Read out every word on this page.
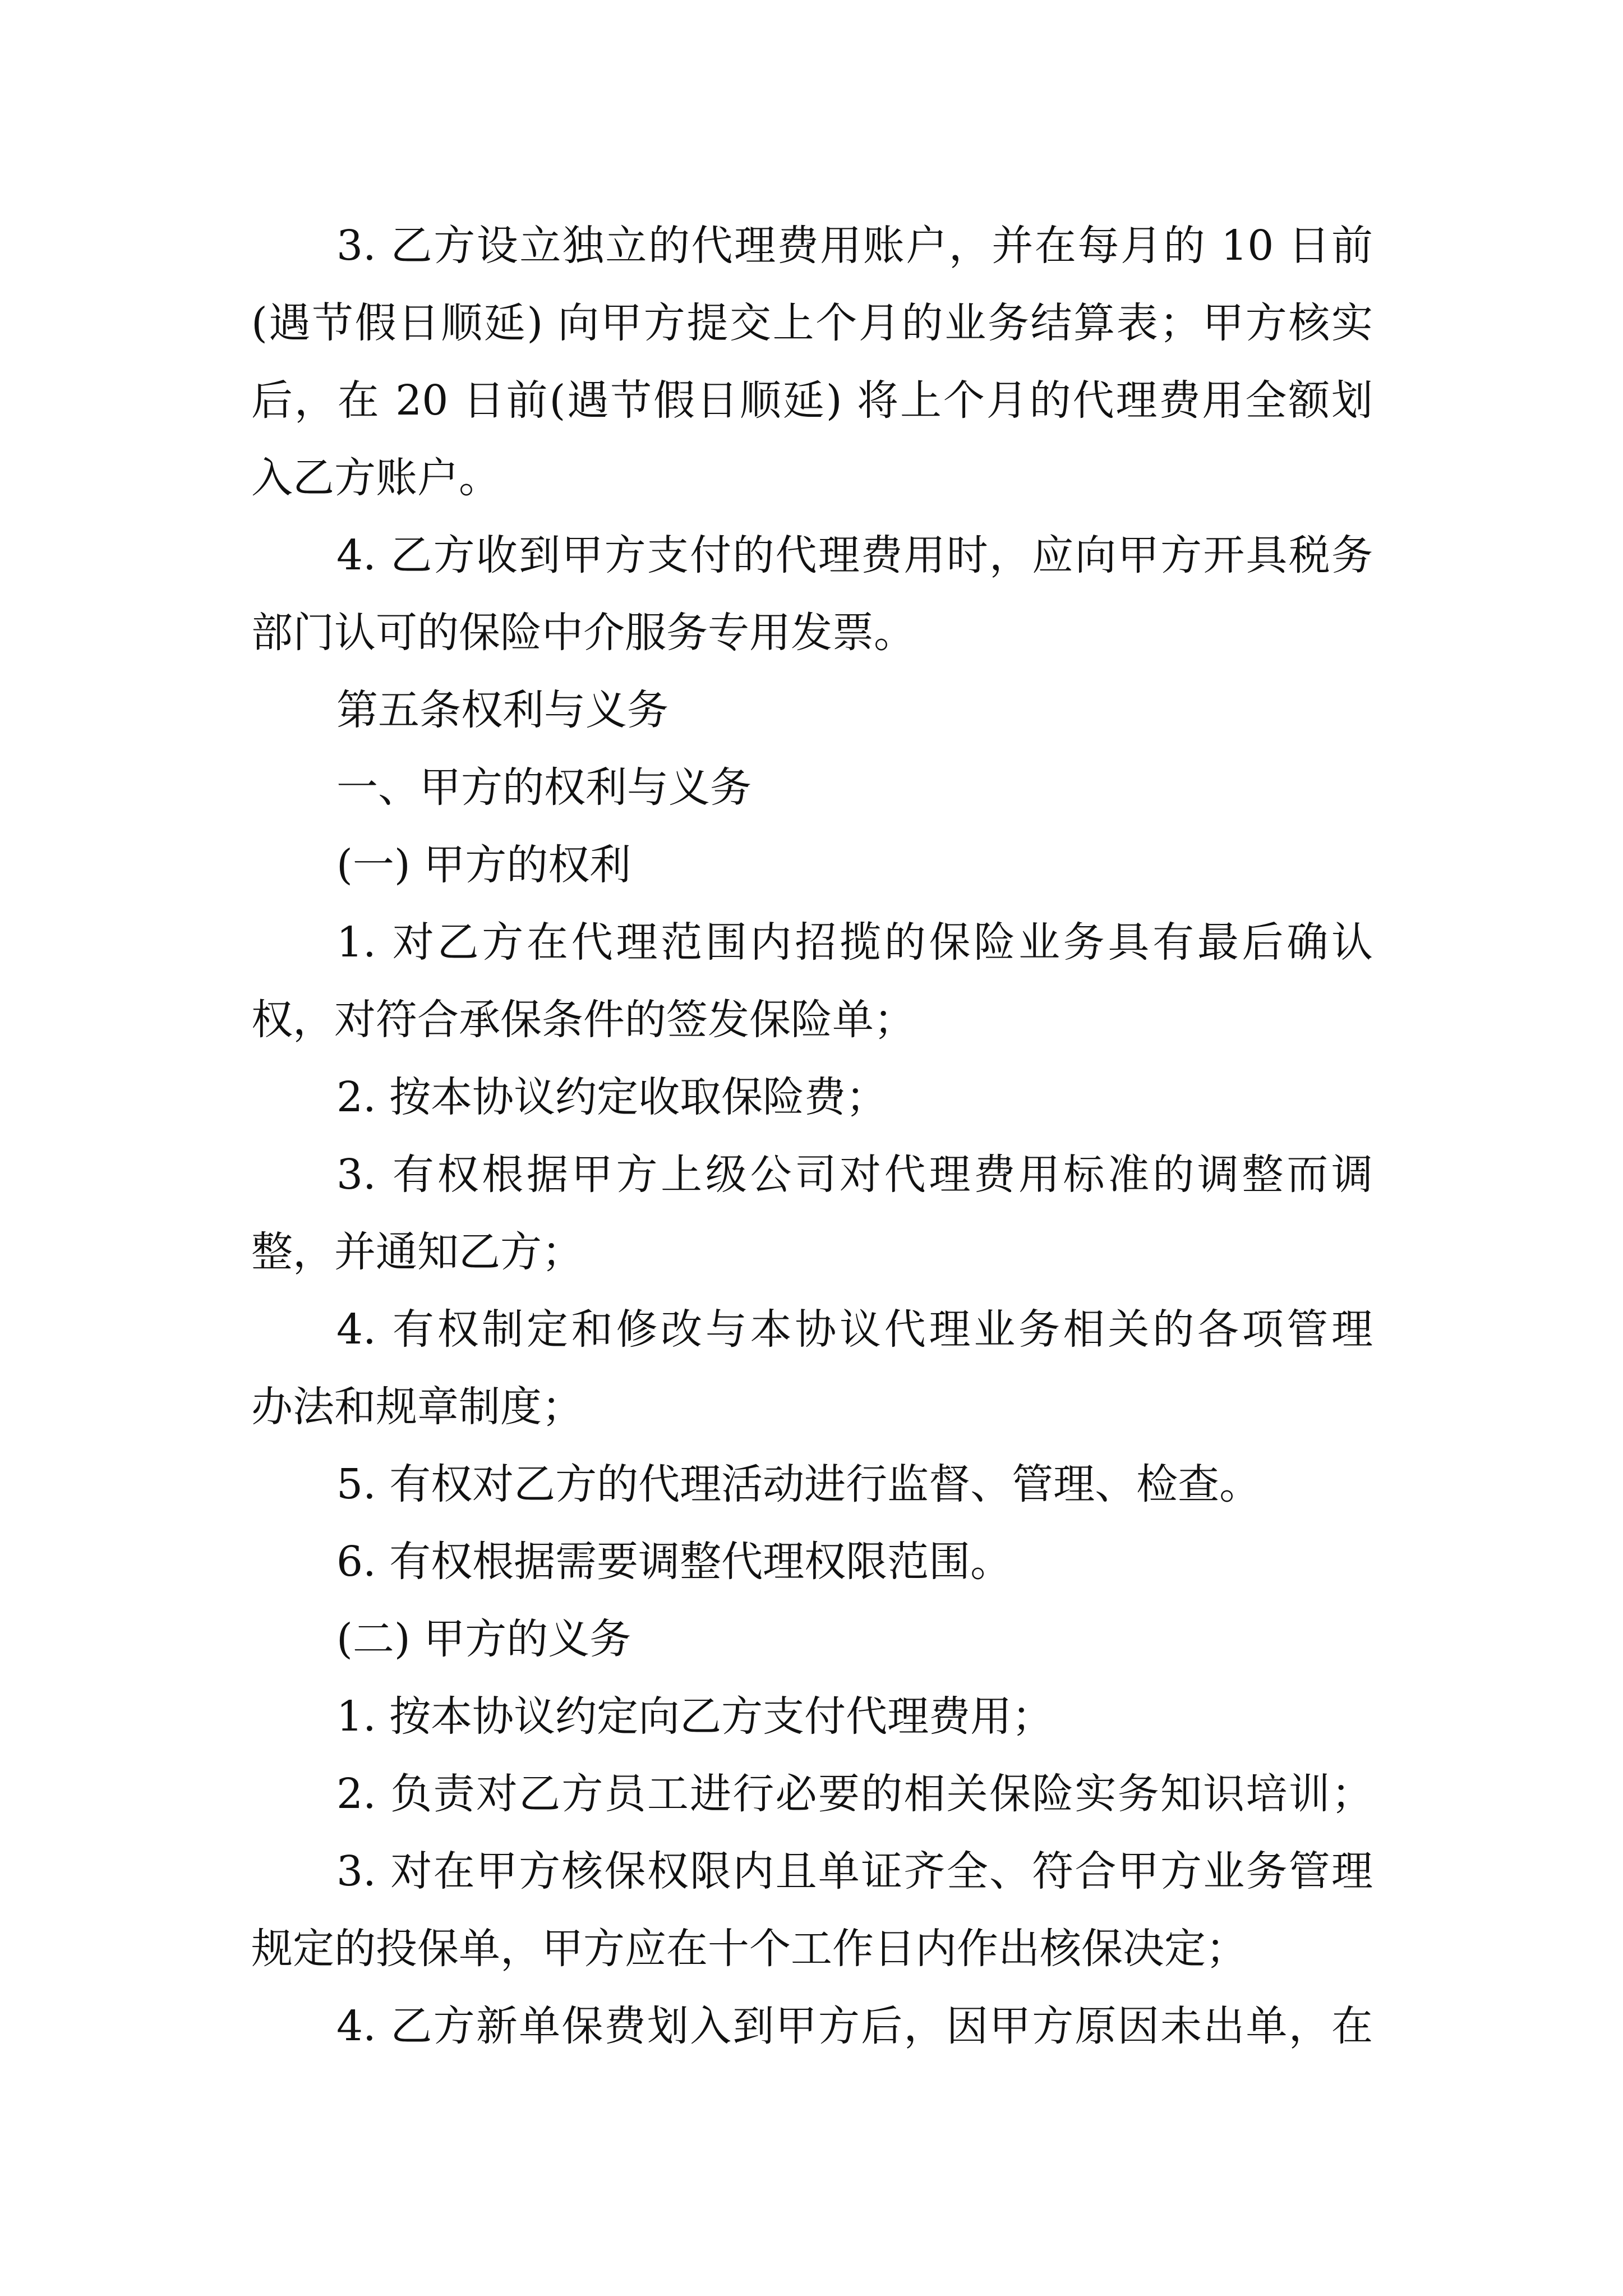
3. 乙方设立独立的代理费用账户，并在每月的 10 日前
(遇节假日顺延) 向甲方提交上个月的业务结算表；甲方核实
后，在 20 日前(遇节假日顺延) 将上个月的代理费用全额划
入乙方账户。
4. 乙方收到甲方支付的代理费用时，应向甲方开具税务
部门认可的保险中介服务专用发票。
第五条权利与义务
一、甲方的权利与义务
(一) 甲方的权利
1. 对乙方在代理范围内招揽的保险业务具有最后确认
权，对符合承保条件的签发保险单；
2. 按本协议约定收取保险费；
3. 有权根据甲方上级公司对代理费用标准的调整而调
整，并通知乙方；
4. 有权制定和修改与本协议代理业务相关的各项管理
办法和规章制度；
5. 有权对乙方的代理活动进行监督、管理、检查。
6. 有权根据需要调整代理权限范围。
(二) 甲方的义务
1. 按本协议约定向乙方支付代理费用；
2. 负责对乙方员工进行必要的相关保险实务知识培训；
3. 对在甲方核保权限内且单证齐全、符合甲方业务管理
规定的投保单，甲方应在十个工作日内作出核保决定；
4. 乙方新单保费划入到甲方后，因甲方原因未出单，在
